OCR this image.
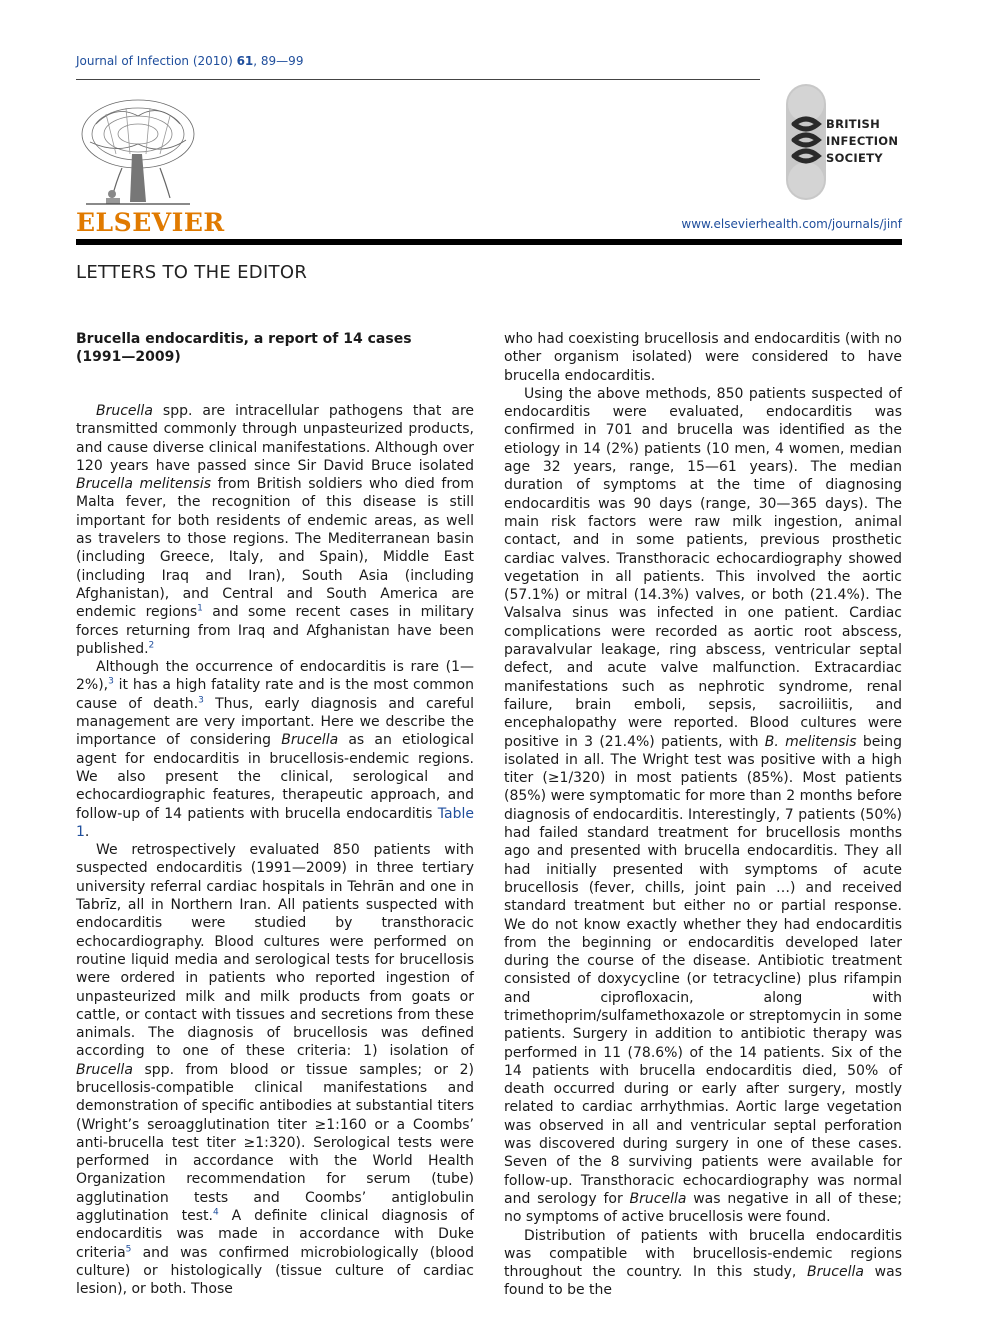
Journal of Infection (2010) 61, 89—99
ELSEVIER
BRITISH
INFECTION
SOCIETY
www.elsevierhealth.com/journals/jinf
LETTERS TO THE EDITOR
Brucella endocarditis, a report of 14 cases
(1991—2009)

Brucella spp. are intracellular pathogens that are transmitted commonly through unpasteurized products, and cause diverse clinical manifestations. Although over 120 years have passed since Sir David Bruce isolated Brucella melitensis from British soldiers who died from Malta fever, the recognition of this disease is still important for both residents of endemic areas, as well as travelers to those regions. The Mediterranean basin (including Greece, Italy, and Spain), Middle East (including Iraq and Iran), South Asia (including Afghanistan), and Central and South America are endemic regions$^1$ and some recent cases in military forces returning from Iraq and Afghanistan have been published.$^2$

Although the occurrence of endocarditis is rare (1—2%),$^3$ it has a high fatality rate and is the most common cause of death.$^3$ Thus, early diagnosis and careful management are very important. Here we describe the importance of considering Brucella as an etiological agent for endocarditis in brucellosis-endemic regions. We also present the clinical, serological and echocardiographic features, therapeutic approach, and follow-up of 14 patients with brucella endocarditis Table 1.

We retrospectively evaluated 850 patients with suspected endocarditis (1991—2009) in three tertiary university referral cardiac hospitals in Tehrān and one in Tabrīz, all in Northern Iran. All patients suspected with endocarditis were studied by transthoracic echocardiography. Blood cultures were performed on routine liquid media and serological tests for brucellosis were ordered in patients who reported ingestion of unpasteurized milk and milk products from goats or cattle, or contact with tissues and secretions from these animals. The diagnosis of brucellosis was defined according to one of these criteria: 1) isolation of Brucella spp. from blood or tissue samples; or 2) brucellosis-compatible clinical manifestations and demonstration of specific antibodies at substantial titers (Wright’s seroagglutination titer ≥1:160 or a Coombs’ anti-brucella test titer ≥1:320). Serological tests were performed in accordance with the World Health Organization recommendation for serum (tube) agglutination tests and Coombs’ antiglobulin agglutination test.$^4$ A definite clinical diagnosis of endocarditis was made in accordance with Duke criteria$^5$ and was confirmed microbiologically (blood culture) or histologically (tissue culture of cardiac lesion), or both. Those

who had coexisting brucellosis and endocarditis (with no other organism isolated) were considered to have brucella endocarditis.

Using the above methods, 850 patients suspected of endocarditis were evaluated, endocarditis was confirmed in 701 and brucella was identified as the etiology in 14 (2%) patients (10 men, 4 women, median age 32 years, range, 15—61 years). The median duration of symptoms at the time of diagnosing endocarditis was 90 days (range, 30—365 days). The main risk factors were raw milk ingestion, animal contact, and in some patients, previous prosthetic cardiac valves. Transthoracic echocardiography showed vegetation in all patients. This involved the aortic (57.1%) or mitral (14.3%) valves, or both (21.4%). The Valsalva sinus was infected in one patient. Cardiac complications were recorded as aortic root abscess, paravalvular leakage, ring abscess, ventricular septal defect, and acute valve malfunction. Extracardiac manifestations such as nephrotic syndrome, renal failure, brain emboli, sepsis, sacroiliitis, and encephalopathy were reported. Blood cultures were positive in 3 (21.4%) patients, with B. melitensis being isolated in all. The Wright test was positive with a high titer (≥1/320) in most patients (85%). Most patients (85%) were symptomatic for more than 2 months before diagnosis of endocarditis. Interestingly, 7 patients (50%) had failed standard treatment for brucellosis months ago and presented with brucella endocarditis. They all had initially presented with symptoms of acute brucellosis (fever, chills, joint pain …) and received standard treatment but either no or partial response. We do not know exactly whether they had endocarditis from the beginning or endocarditis developed later during the course of the disease. Antibiotic treatment consisted of doxycycline (or tetracycline) plus rifampin and ciprofloxacin, along with trimethoprim/sulfamethoxazole or streptomycin in some patients. Surgery in addition to antibiotic therapy was performed in 11 (78.6%) of the 14 patients. Six of the 14 patients with brucella endocarditis died, 50% of death occurred during or early after surgery, mostly related to cardiac arrhythmias. Aortic large vegetation was observed in all and ventricular septal perforation was discovered during surgery in one of these cases. Seven of the 8 surviving patients were available for follow-up. Transthoracic echocardiography was normal and serology for Brucella was negative in all of these; no symptoms of active brucellosis were found.

Distribution of patients with brucella endocarditis was compatible with brucellosis-endemic regions throughout the country. In this study, Brucella was found to be the
